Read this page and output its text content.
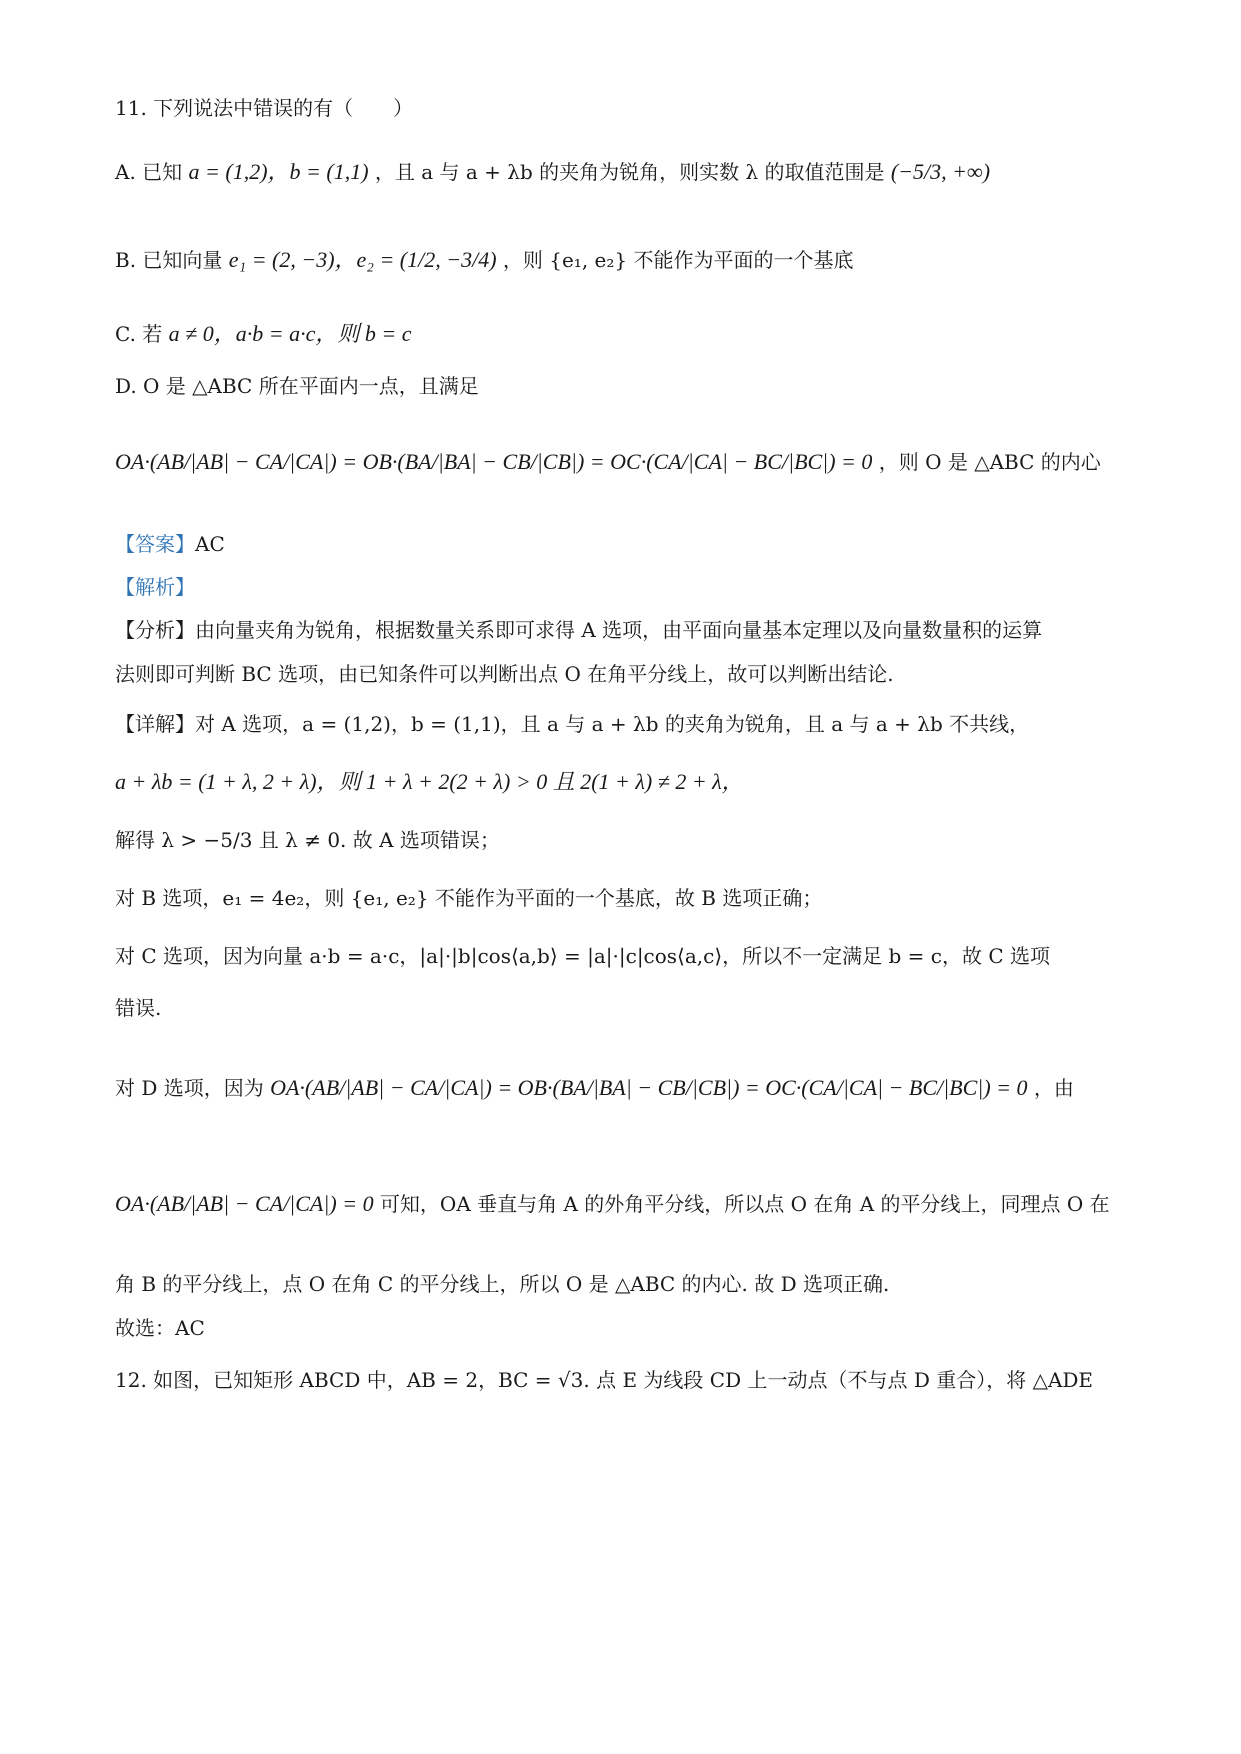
11. 下列说法中错误的有（　　）
A. 已知 a = (1,2)，b = (1,1) ，且 a 与 a + λb 的夹角为锐角，则实数 λ 的取值范围是 (−5/3, +∞)
B. 已知向量 e₁ = (2, −3)，e₂ = (1/2, −3/4) ，则 {e₁, e₂} 不能作为平面的一个基底
C. 若 a ≠ 0，a·b = a·c，则 b = c
D. O 是 △ABC 所在平面内一点，且满足
OA·(AB/|AB| − CA/|CA|) = OB·(BA/|BA| − CB/|CB|) = OC·(CA/|CA| − BC/|BC|) = 0 ，则 O 是 △ABC 的内心
【答案】AC
【解析】
【分析】由向量夹角为锐角，根据数量关系即可求得 A 选项，由平面向量基本定理以及向量数量积的运算
法则即可判断 BC 选项，由已知条件可以判断出点 O 在角平分线上，故可以判断出结论.
【详解】对 A 选项，a = (1,2)，b = (1,1)，且 a 与 a + λb 的夹角为锐角，且 a 与 a + λb 不共线，
a + λb = (1 + λ, 2 + λ)，则 1 + λ + 2(2 + λ) > 0 且 2(1 + λ) ≠ 2 + λ，
解得 λ > −5/3 且 λ ≠ 0. 故 A 选项错误；
对 B 选项，e₁ = 4e₂，则 {e₁, e₂} 不能作为平面的一个基底，故 B 选项正确；
对 C 选项，因为向量 a·b = a·c，|a|·|b|cos⟨a,b⟩ = |a|·|c|cos⟨a,c⟩，所以不一定满足 b = c，故 C 选项
错误.
对 D 选项，因为 OA·(AB/|AB| − CA/|CA|) = OB·(BA/|BA| − CB/|CB|) = OC·(CA/|CA| − BC/|BC|) = 0 ，由
OA·(AB/|AB| − CA/|CA|) = 0 可知，OA 垂直与角 A 的外角平分线，所以点 O 在角 A 的平分线上，同理点 O 在
角 B 的平分线上，点 O 在角 C 的平分线上，所以 O 是 △ABC 的内心. 故 D 选项正确.
故选：AC
12. 如图，已知矩形 ABCD 中，AB = 2，BC = √3. 点 E 为线段 CD 上一动点（不与点 D 重合），将 △ADE
